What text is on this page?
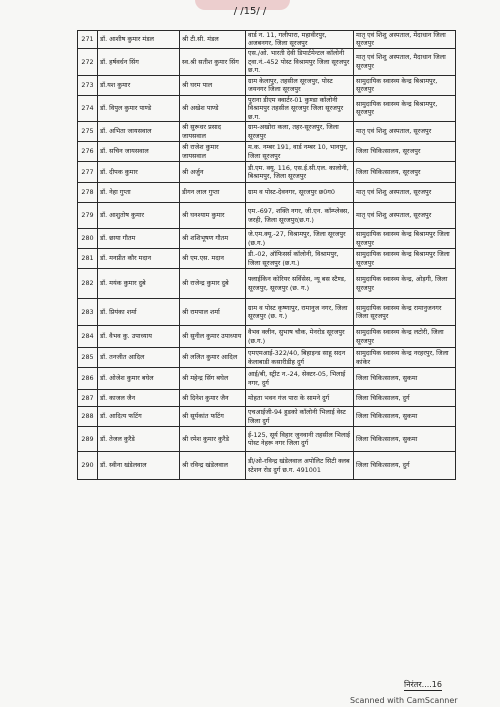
/ /15/ /
271	डॉ. आशीष कुमार मंडल	श्री टी.सी. मंडल	वार्ड न. 11, गलीपारा, महावीरपुर, अजबनगर, जिला सूरजपुर	मातृ एवं शिशु अस्पताल, मेंदाधान जिला सूरजपुर
272	डॉ. हर्षवर्धन सिंग	स्व.श्री सतीश कुमार सिंग	एस./ओ. भारती देवी डिपार्टमेन्टल कॉलोनी ट्वा.नं.-452 पोस्ट विश्रामपुर जिला सूरजपुर छ.ग.	मातृ एवं शिशु अस्पताल, मैदाधान जिला सूरजपुर
273	डॉ.यश कुमार	श्री घरम पाल	ग्राम केलापुर, तहसील सूरजपुर, पोस्ट जयनगर जिला सूरजपुर	सामुदायिक स्वास्थ्य केन्द्र बिश्रामपुर, सूरजपुर
274	डॉ. विपुल कुमार पाण्डे	श्री अखेश पाण्डे	पुराना डीएम क्वार्टर-01 कुण्डा कॉलोनी विश्रामपुर तहसील सूरजपुर जिला सूरजपुर छ.ग.	सामुदायिक स्वास्थ्य केन्द्र बिश्रामपुर, सूरजपुर
275	डॉ. अभिता जायसवाल	श्री सुरूधर प्रसाद जायसवाल	ग्राम-अखोरा कला, तहर-सूरजपुर, जिला सूरजपुर	मातृ एवं शिशु अस्पताल, सूरजपुर
276	डॉ. सचिन जायसवाल	श्री राजेश कुमार जायसवाल	म.क. नम्बर 191, वार्ड नम्बर 10, भानपुर, जिला सूरजपुर	जिला चिकित्सालय, सूरजपुर
277	डॉ. दीपक कुमार	श्री अर्जुन	डी.एम. क्यू. 116, एस.ई.सी.एल. कालोनी, बिश्रामपुर, जिला सूरजपुर	जिला चिकित्सालय, सूरजपुर
278	डॉ. नेहा गुप्ता	डीगन लाल गुप्ता	ग्राम व पोस्ट-देवनगर, सूरजपुर छ0ग0	मातृ एवं शिशु अस्पताल, सूरजपुर
279	डॉ. आशुतोष कुमार	श्री घनश्याम कुमार	एम.-697, शक्ति नगर, जी.एन. कॉम्प्लेक्स, जरही, जिला सूरजपुर(छ.ग.)	मातृ एवं शिशु अस्पताल, सूरजपुर
280	डॉ. छाया गौतम	श्री शशिभूषण गौतम	जे.एम.क्यू.-27, विश्रामपुर, जिला सूरजपुर (छ.ग.)	सामुदायिक स्वास्थ्य केन्द्र बिश्रामपुर जिला सूरजपुर
281	डॉ. मनप्रीत कौर मदान	श्री एम.एस. मदान	डी.-02, ऑफिसर्स कॉलोनी, विश्रामपुर, जिला सूरजपुर (छ.ग.)	सामुदायिक स्वास्थ्य केन्द्र बिश्रामपुर जिला सूरजपुर
282	डॉ. मयंक कुमार दुबे	श्री राजेन्द्र कुमार दुबे	फ्लाईकिन कोरियर सर्विसेस, न्यू बस स्टैण्ड, सूरजपुर, सूरजपुर (छ. ग.)	सामुदायिक स्वास्थ्य केन्द्र, ओड़गी, जिला सूरजपुर
283	डॉ. प्रियंका शर्मा	श्री रामपाल शर्मा	ग्राम व पोस्ट कृष्णापुर, रामानुज नगर, जिला सूरजपुर (छ. ग.)	सामुदायिक स्वास्थ्य केन्द्र रामानुजनगर जिला सूरजपुर
284	डॉ. वैभव कु. उपाध्याय	श्री सुनील कुमार उपाध्याय	वैभव क्लीन, सुभाष चौक, मेनरोड सूरजपुर (छ.ग.)	सामुदायिक स्वास्थ्य केन्द्र लटोरी, जिला सूरजपुर
285	डॉ. तनजीत आदिल	श्री ललित कुमार आदिल	एमएमआई-322/40, बिहाइन्ड साहू सदन केलाबाडी कसारीडीह दुर्ग	सामुदायिक स्वास्थ्य केन्द्र नरहरपुर, जिला कांकेर
286	डॉ. ओजेश कुमार बघेल	श्री महेन्द्र सिंग बघेल	आई/बी, स्ट्रीट न.-24, सेक्टर-05, भिलाई नगर, दुर्ग	जिला चिकित्सालय, सुकमा
287	डॉ. काजल जैन	श्री दिनेश कुमार जैन	मोहता भवन गंज पारा के सामने दुर्ग	जिला चिकित्सालय, दुर्ग
288	डॉ. आदित्य फटिंग	श्री सूर्यकांत फटिंग	एचआईजी-94 हुडको कॉलोनी भिलाई वेस्ट जिला दुर्ग	जिला चिकित्सालय, सुकमा
289	डॉ. तेजल कुरैडे	श्री रमेश कुमार कुरैडे	ई-125, सूर्य विहार जुनवानी तहसील भिलाई पोस्ट नेहरू नगर जिला दुर्ग	जिला चिकित्सालय, सुकमा
290	डॉ. स्वीना खंडेलवाल	श्री रविन्द्र खंडेलवाल	डी/ओ-रविन्द्र खंडेलवाल अपोलिट सिटी क्लब स्टेशन रोड दुर्ग छ.ग. 491001	जिला चिकित्सालय, दुर्ग
निरंतर....16
Scanned with CamScanner
